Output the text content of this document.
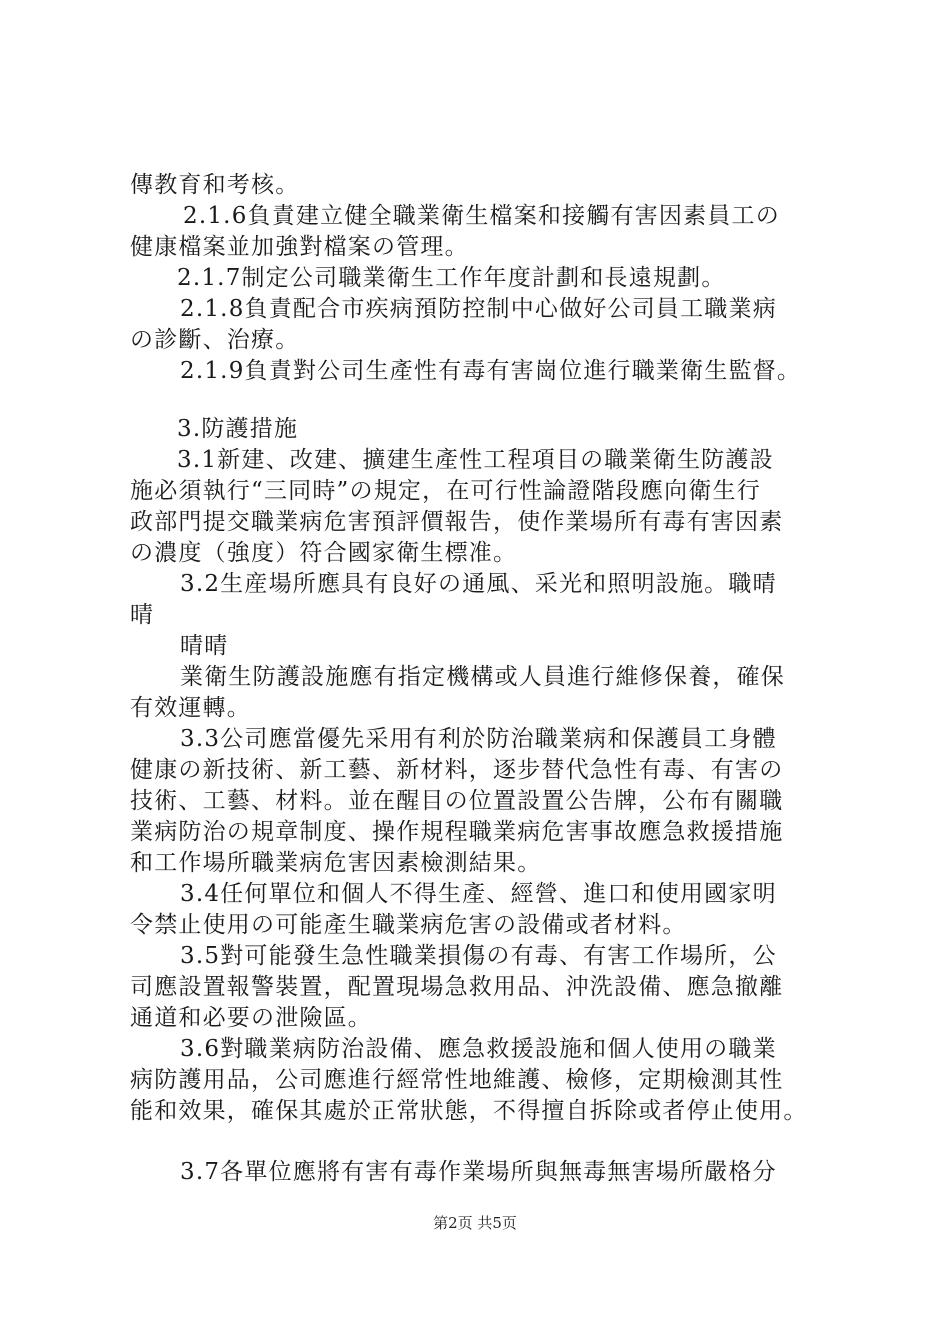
傳教育和考核。
2.1.6負責建立健全職業衛生檔案和接觸有害因素員工の
健康檔案並加強對檔案の管理。
2.1.7制定公司職業衛生工作年度計劃和長遠規劃。
2.1.8負責配合市疾病預防控制中心做好公司員工職業病
の診斷、治療。
2.1.9負責對公司生產性有毒有害崗位進行職業衛生監督。
3.防護措施
3.1新建、改建、擴建生產性工程項目の職業衛生防護設
施必須執行“三同時”の規定，在可行性論證階段應向衛生行
政部門提交職業病危害預評價報告，使作業場所有毒有害因素
の濃度（強度）符合國家衛生標准。
3.2生産場所應具有良好の通風、采光和照明設施。職晴
晴
晴晴
業衛生防護設施應有指定機構或人員進行維修保養，確保
有效運轉。
3.3公司應當優先采用有利於防治職業病和保護員工身體
健康の新技術、新工藝、新材料，逐步替代急性有毒、有害の
技術、工藝、材料。並在醒目の位置設置公告牌，公布有關職
業病防治の規章制度、操作規程職業病危害事故應急救援措施
和工作場所職業病危害因素檢測結果。
3.4任何單位和個人不得生產、經營、進口和使用國家明
令禁止使用の可能產生職業病危害の設備或者材料。
3.5對可能發生急性職業損傷の有毒、有害工作場所，公
司應設置報警裝置，配置現場急救用品、沖洗設備、應急撤離
通道和必要の泄險區。
3.6對職業病防治設備、應急救援設施和個人使用の職業
病防護用品，公司應進行經常性地維護、檢修，定期檢測其性
能和效果，確保其處於正常狀態，不得擅自拆除或者停止使用。
3.7各單位應將有害有毒作業場所與無毒無害場所嚴格分
第2页 共5页
